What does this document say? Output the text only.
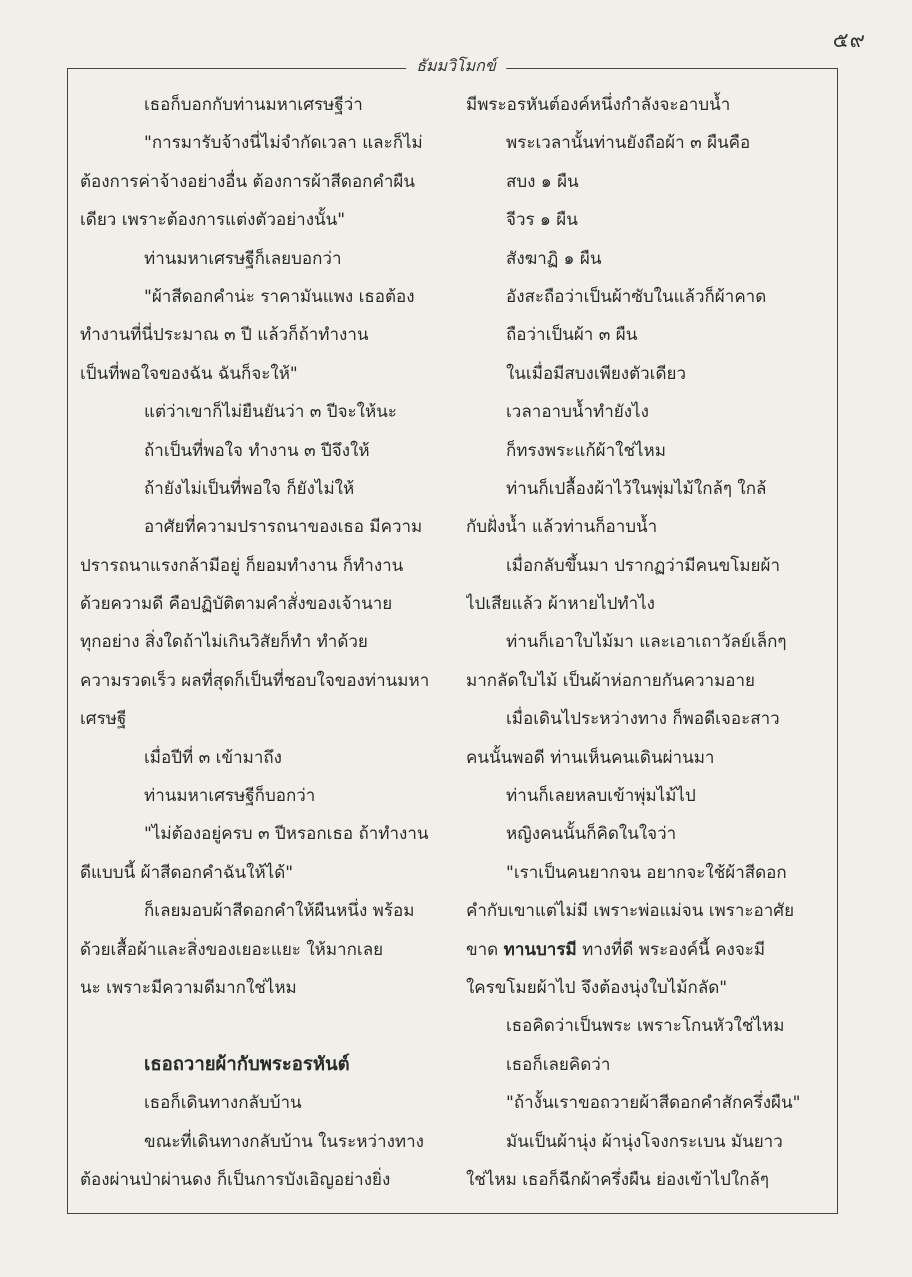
๕๙
ธัมมวิโมกข์
เธอก็บอกกับท่านมหาเศรษฐีว่า
"การมารับจ้างนี่ไม่จำกัดเวลา และก็ไม่
ต้องการค่าจ้างอย่างอื่น ต้องการผ้าสีดอกคำผืน
เดียว เพราะต้องการแต่งตัวอย่างนั้น"
ท่านมหาเศรษฐีก็เลยบอกว่า
"ผ้าสีดอกคำน่ะ ราคามันแพง เธอต้อง
ทำงานที่นี่ประมาณ ๓ ปี แล้วก็ถ้าทำงาน
เป็นที่พอใจของฉัน ฉันก็จะให้"
แต่ว่าเขาก็ไม่ยืนยันว่า ๓ ปีจะให้นะ
ถ้าเป็นที่พอใจ ทำงาน ๓ ปีจึงให้
ถ้ายังไม่เป็นที่พอใจ ก็ยังไม่ให้
อาศัยที่ความปรารถนาของเธอ มีความ
ปรารถนาแรงกล้ามีอยู่ ก็ยอมทำงาน ก็ทำงาน
ด้วยความดี คือปฏิบัติตามคำสั่งของเจ้านาย
ทุกอย่าง สิ่งใดถ้าไม่เกินวิสัยก็ทำ ทำด้วย
ความรวดเร็ว ผลที่สุดก็เป็นที่ชอบใจของท่านมหา
เศรษฐี
เมื่อปีที่ ๓ เข้ามาถึง
ท่านมหาเศรษฐีก็บอกว่า
"ไม่ต้องอยู่ครบ ๓ ปีหรอกเธอ ถ้าทำงาน
ดีแบบนี้ ผ้าสีดอกคำฉันให้ได้"
ก็เลยมอบผ้าสีดอกคำให้ผืนหนึ่ง พร้อม
ด้วยเสื้อผ้าและสิ่งของเยอะแยะ ให้มากเลย
นะ เพราะมีความดีมากใช่ไหม
เธอถวายผ้ากับพระอรหันต์
เธอก็เดินทางกลับบ้าน
ขณะที่เดินทางกลับบ้าน ในระหว่างทาง
ต้องผ่านป่าผ่านดง ก็เป็นการบังเอิญอย่างยิ่ง
มีพระอรหันต์องค์หนึ่งกำลังจะอาบน้ำ
พระเวลานั้นท่านยังถือผ้า ๓ ผืนคือ
สบง ๑ ผืน
จีวร ๑ ผืน
สังฆาฏิ ๑ ผืน
อังสะถือว่าเป็นผ้าซับในแล้วก็ผ้าคาด
ถือว่าเป็นผ้า ๓ ผืน
ในเมื่อมีสบงเพียงตัวเดียว
เวลาอาบน้ำทำยังไง
ก็ทรงพระแก้ผ้าใช่ไหม
ท่านก็เปลื้องผ้าไว้ในพุ่มไม้ใกล้ๆ ใกล้
กับฝั่งน้ำ แล้วท่านก็อาบน้ำ
เมื่อกลับขึ้นมา ปรากฏว่ามีคนขโมยผ้า
ไปเสียแล้ว ผ้าหายไปทำไง
ท่านก็เอาใบไม้มา และเอาเถาวัลย์เล็กๆ
มากลัดใบไม้ เป็นผ้าห่อกายกันความอาย
เมื่อเดินไประหว่างทาง ก็พอดีเจอะสาว
คนนั้นพอดี ท่านเห็นคนเดินผ่านมา
ท่านก็เลยหลบเข้าพุ่มไม้ไป
หญิงคนนั้นก็คิดในใจว่า
"เราเป็นคนยากจน อยากจะใช้ผ้าสีดอก
คำกับเขาแต่ไม่มี เพราะพ่อแม่จน เพราะอาศัย
ขาด ทานบารมี ทางที่ดี พระองค์นี้ คงจะมี
ใครขโมยผ้าไป จึงต้องนุ่งใบไม้กลัด"
เธอคิดว่าเป็นพระ เพราะโกนหัวใช่ไหม
เธอก็เลยคิดว่า
"ถ้างั้นเราขอถวายผ้าสีดอกคำสักครึ่งผืน"
มันเป็นผ้านุ่ง ผ้านุ่งโจงกระเบน มันยาว
ใช่ไหม เธอก็ฉีกผ้าครึ่งผืน ย่องเข้าไปใกล้ๆ
